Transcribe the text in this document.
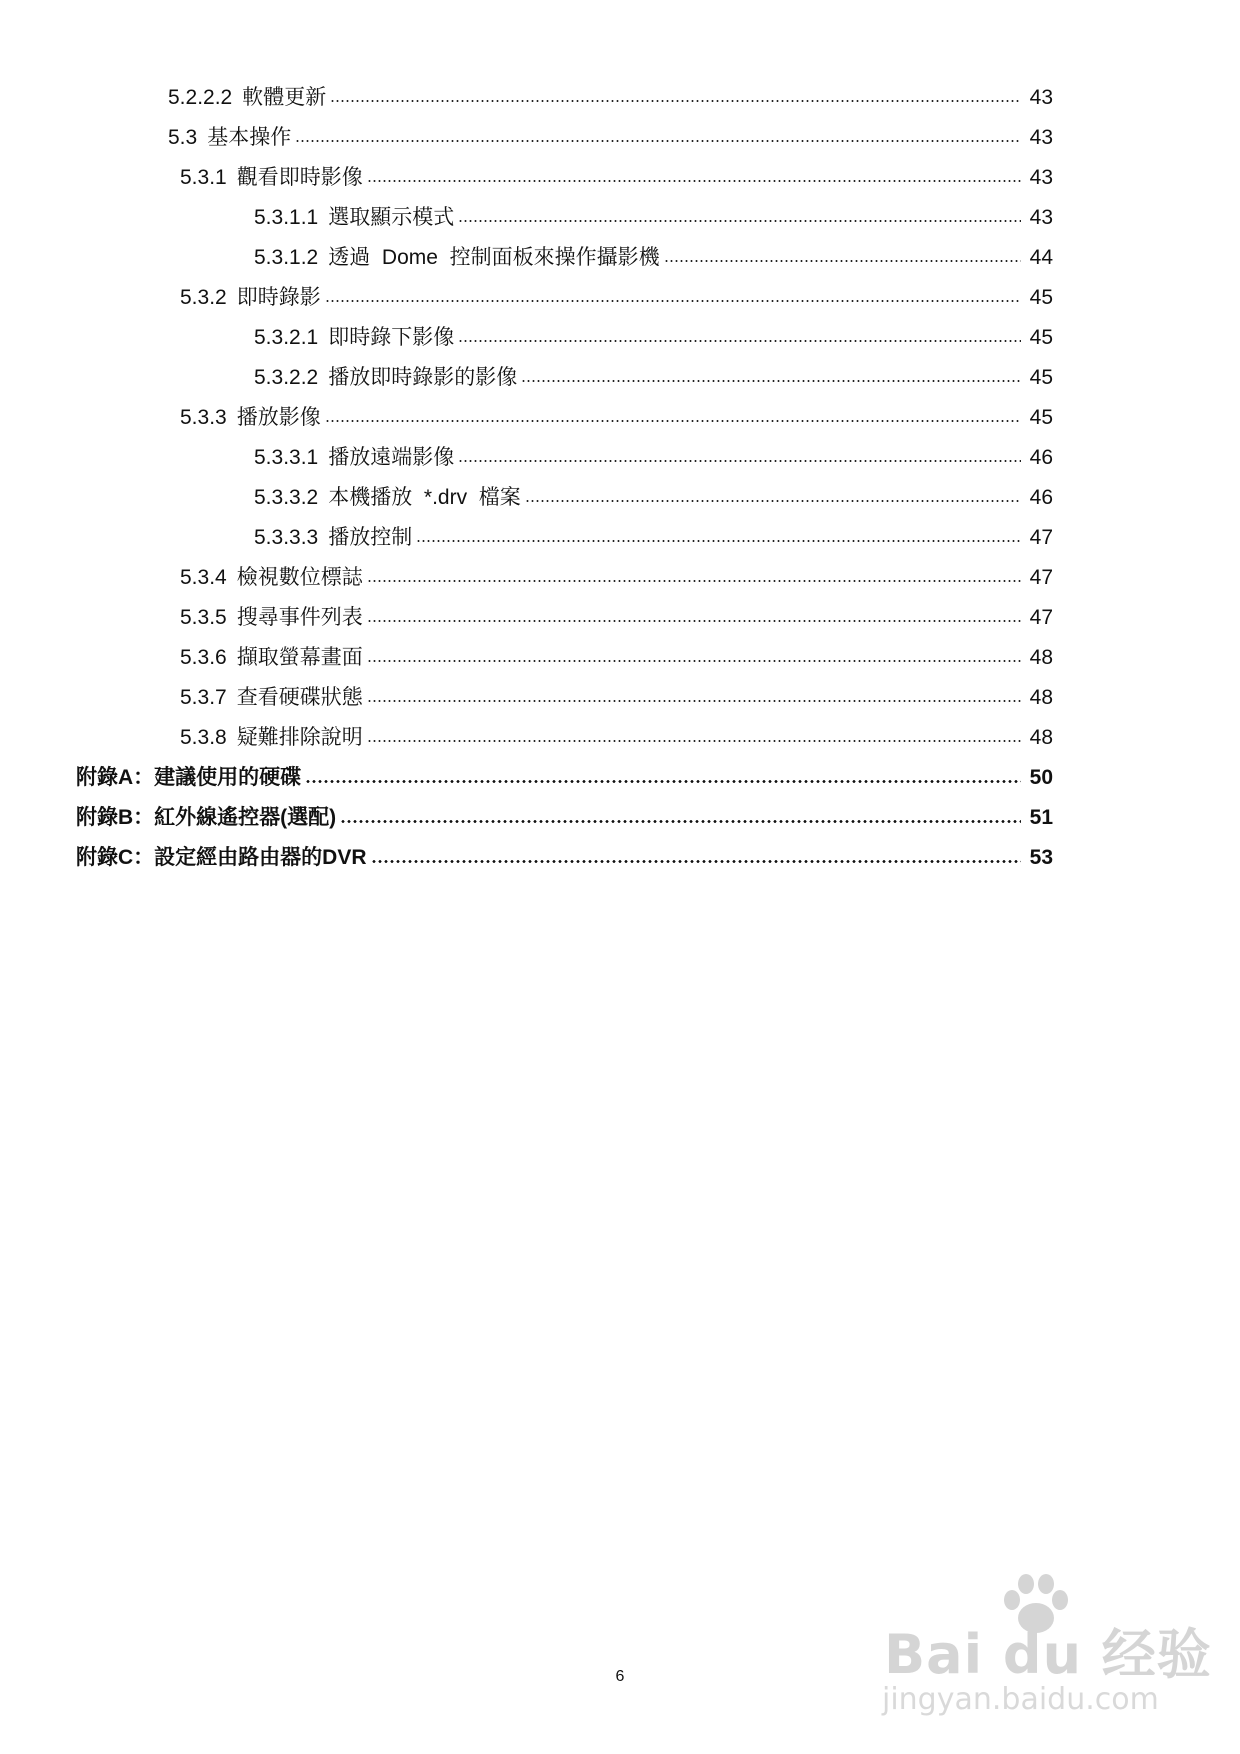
5.2.2.2 軟體更新	43
5.3 基本操作	43
5.3.1 觀看即時影像	43
5.3.1.1 選取顯示模式	43
5.3.1.2 透過  Dome  控制面板來操作攝影機	44
5.3.2 即時錄影	45
5.3.2.1 即時錄下影像	45
5.3.2.2 播放即時錄影的影像	45
5.3.3 播放影像	45
5.3.3.1 播放遠端影像	46
5.3.3.2 本機播放  *.drv  檔案	46
5.3.3.3 播放控制	47
5.3.4 檢視數位標誌	47
5.3.5 搜尋事件列表	47
5.3.6 擷取螢幕畫面	48
5.3.7 查看硬碟狀態	48
5.3.8 疑難排除說明	48
附錄A： 建議使用的硬碟	50
附錄B： 紅外線遙控器(選配)	51
附錄C： 設定經由路由器的DVR	53
6	Bai du 经验
jingyan.baidu.com
